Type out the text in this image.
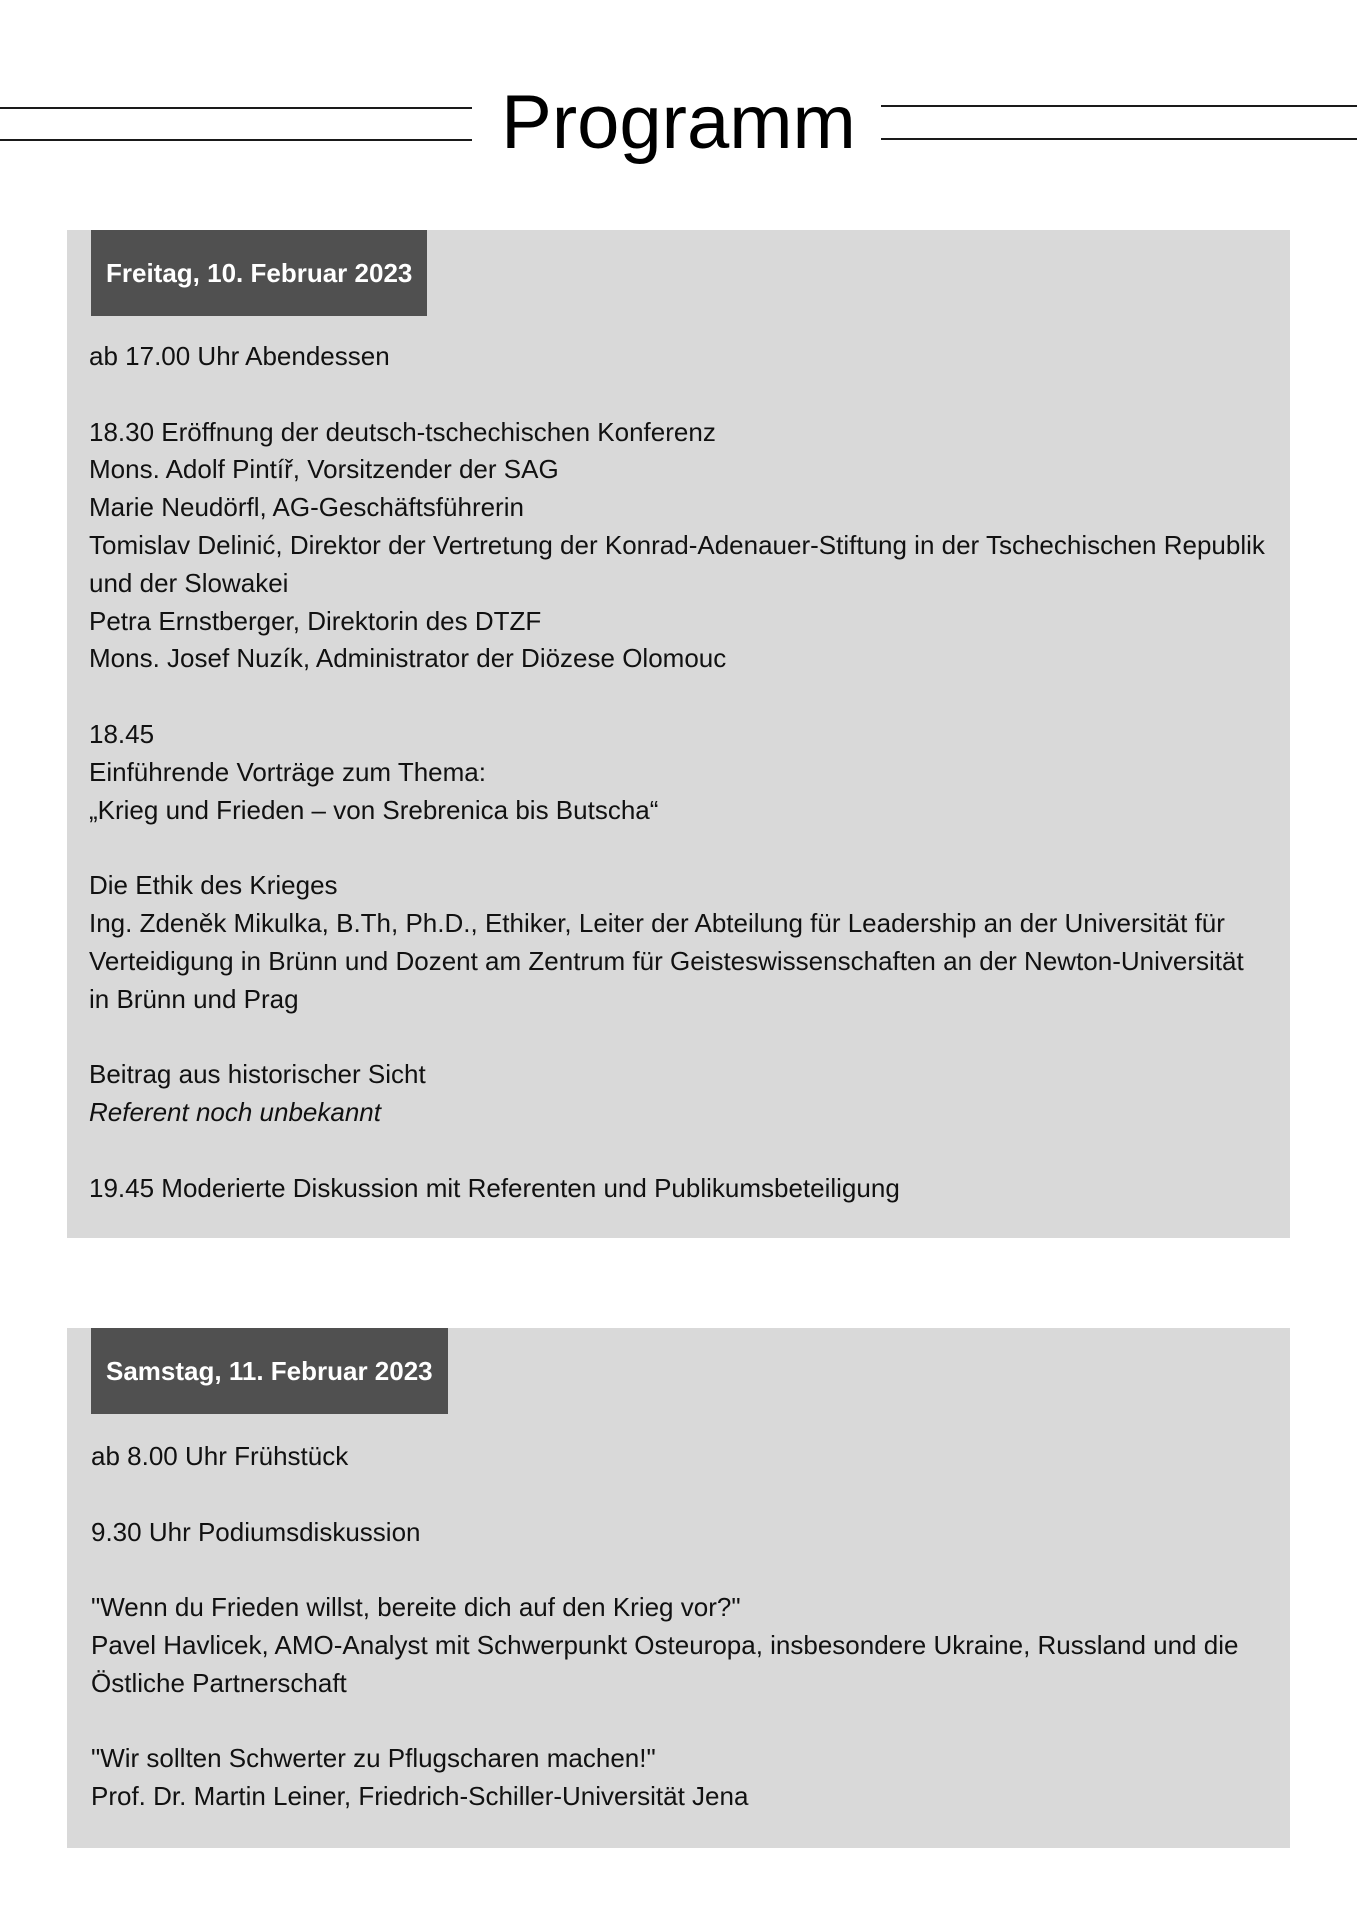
Programm
Freitag, 10. Februar 2023
ab 17.00 Uhr Abendessen
18.30 Eröffnung der deutsch-tschechischen Konferenz
Mons. Adolf Pintíř, Vorsitzender der SAG
Marie Neudörfl, AG-Geschäftsführerin
Tomislav Delinić, Direktor der Vertretung der Konrad-Adenauer-Stiftung in der Tschechischen Republik und der Slowakei
Petra Ernstberger, Direktorin des DTZF
Mons. Josef Nuzík, Administrator der Diözese Olomouc
18.45
Einführende Vorträge zum Thema:
„Krieg und Frieden – von Srebrenica bis Butscha“
Die Ethik des Krieges
Ing. Zdeněk Mikulka, B.Th, Ph.D., Ethiker, Leiter der Abteilung für Leadership an der Universität für Verteidigung in Brünn und Dozent am Zentrum für Geisteswissenschaften an der Newton-Universität in Brünn und Prag
Beitrag aus historischer Sicht
Referent noch unbekannt
19.45 Moderierte Diskussion mit Referenten und Publikumsbeteiligung
Samstag, 11. Februar 2023
ab 8.00 Uhr Frühstück
9.30 Uhr Podiumsdiskussion
"Wenn du Frieden willst, bereite dich auf den Krieg vor?"
Pavel Havlicek, AMO-Analyst mit Schwerpunkt Osteuropa, insbesondere Ukraine, Russland und die Östliche Partnerschaft
"Wir sollten Schwerter zu Pflugscharen machen!"
Prof. Dr. Martin Leiner, Friedrich-Schiller-Universität Jena
